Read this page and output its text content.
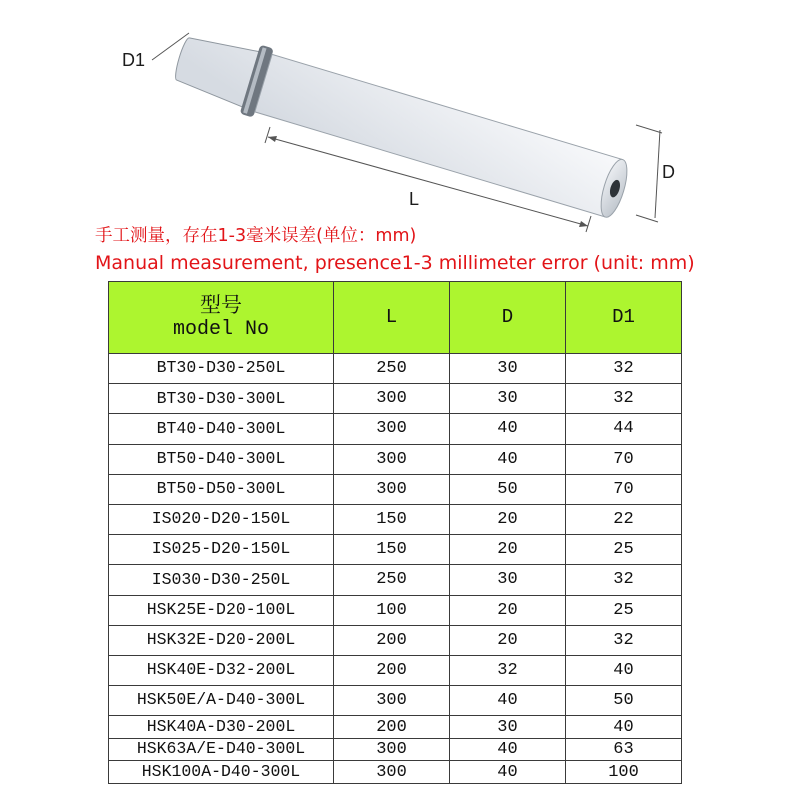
D1
L
D
手工测量，存在1-3毫米误差(单位：mm)
Manual measurement, presence1-3 millimeter error (unit: mm)
型号
model No	L	D	D1
BT30-D30-250L	250	30	32
BT30-D30-300L	300	30	32
BT40-D40-300L	300	40	44
BT50-D40-300L	300	40	70
BT50-D50-300L	300	50	70
IS020-D20-150L	150	20	22
IS025-D20-150L	150	20	25
IS030-D30-250L	250	30	32
HSK25E-D20-100L	100	20	25
HSK32E-D20-200L	200	20	32
HSK40E-D32-200L	200	32	40
HSK50E/A-D40-300L	300	40	50
HSK40A-D30-200L	200	30	40
HSK63A/E-D40-300L	300	40	63
HSK100A-D40-300L	300	40	100
